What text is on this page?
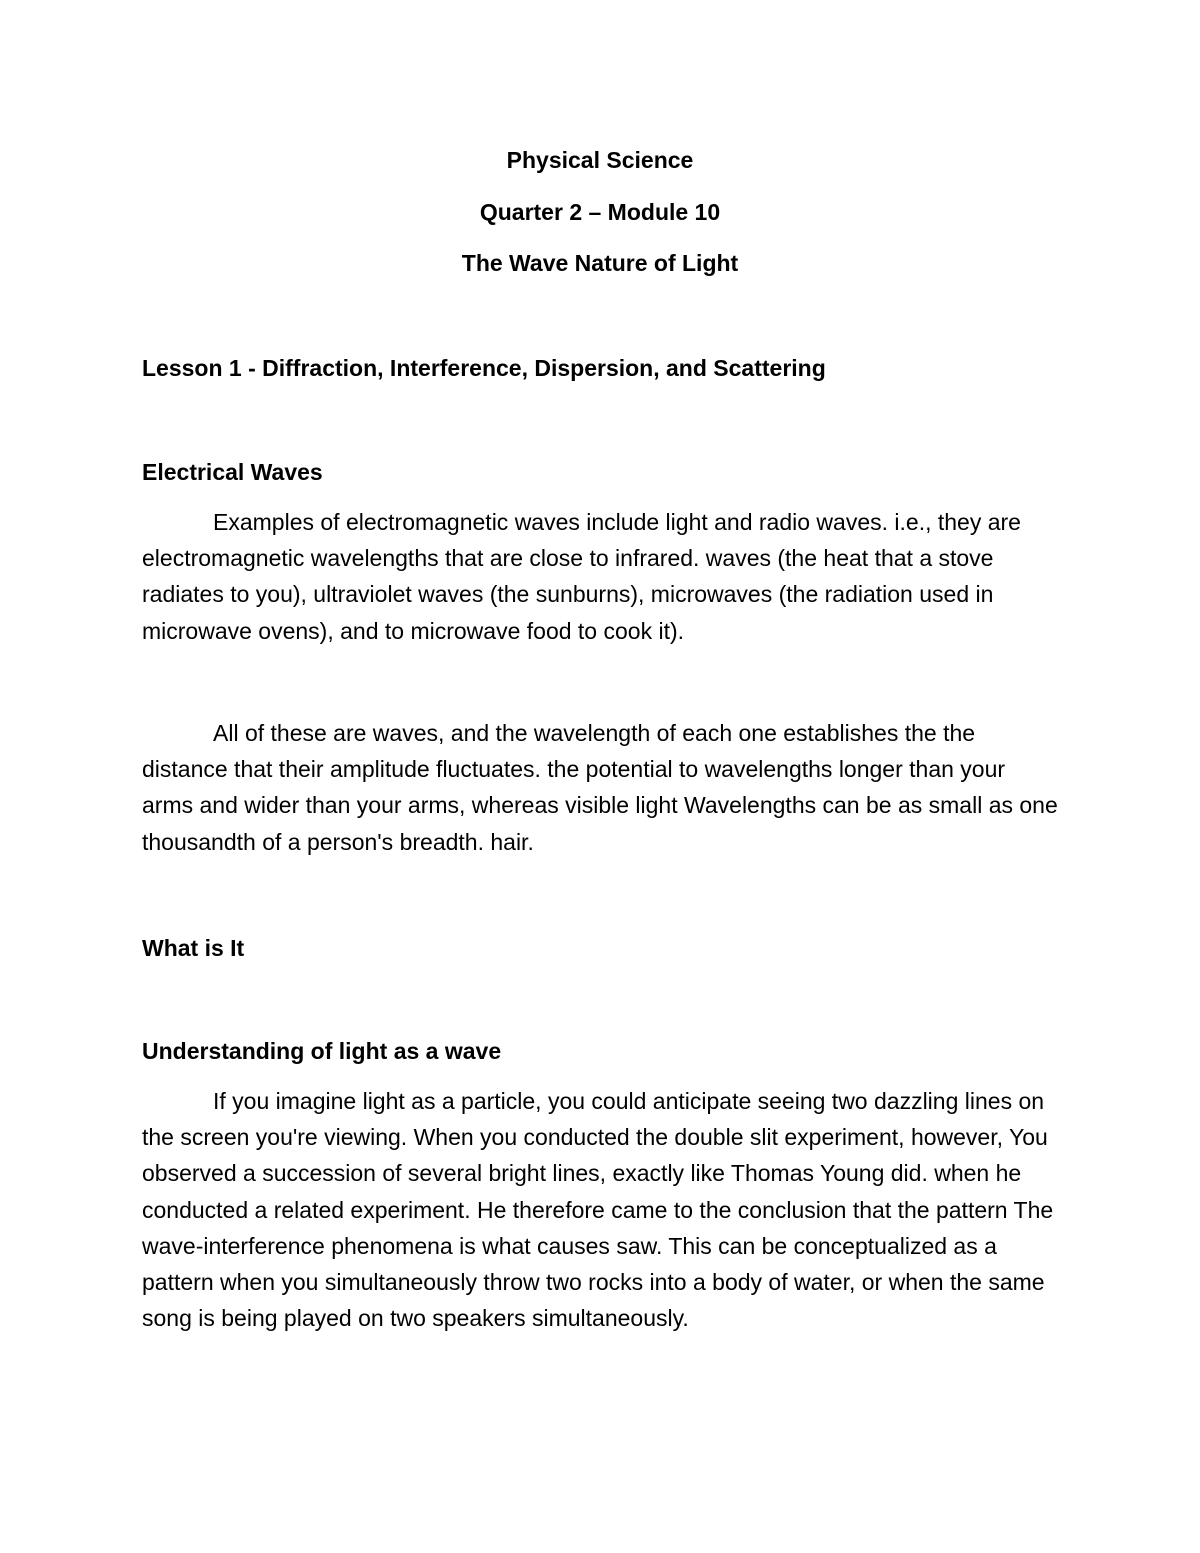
Physical Science

Quarter 2 – Module 10

The Wave Nature of Light

Lesson 1 - Diffraction, Interference, Dispersion, and Scattering

Electrical Waves

Examples of electromagnetic waves include light and radio waves. i.e., they are electromagnetic wavelengths that are close to infrared. waves (the heat that a stove radiates to you), ultraviolet waves (the sunburns), microwaves (the radiation used in microwave ovens), and to microwave food to cook it).

All of these are waves, and the wavelength of each one establishes the the distance that their amplitude fluctuates. the potential to wavelengths longer than your arms and wider than your arms, whereas visible light Wavelengths can be as small as one thousandth of a person's breadth. hair.

What is It

Understanding of light as a wave

If you imagine light as a particle, you could anticipate seeing two dazzling lines on the screen you're viewing. When you conducted the double slit experiment, however, You observed a succession of several bright lines, exactly like Thomas Young did. when he conducted a related experiment. He therefore came to the conclusion that the pattern The wave-interference phenomena is what causes saw. This can be conceptualized as a pattern when you simultaneously throw two rocks into a body of water, or when the same song is being played on two speakers simultaneously.
